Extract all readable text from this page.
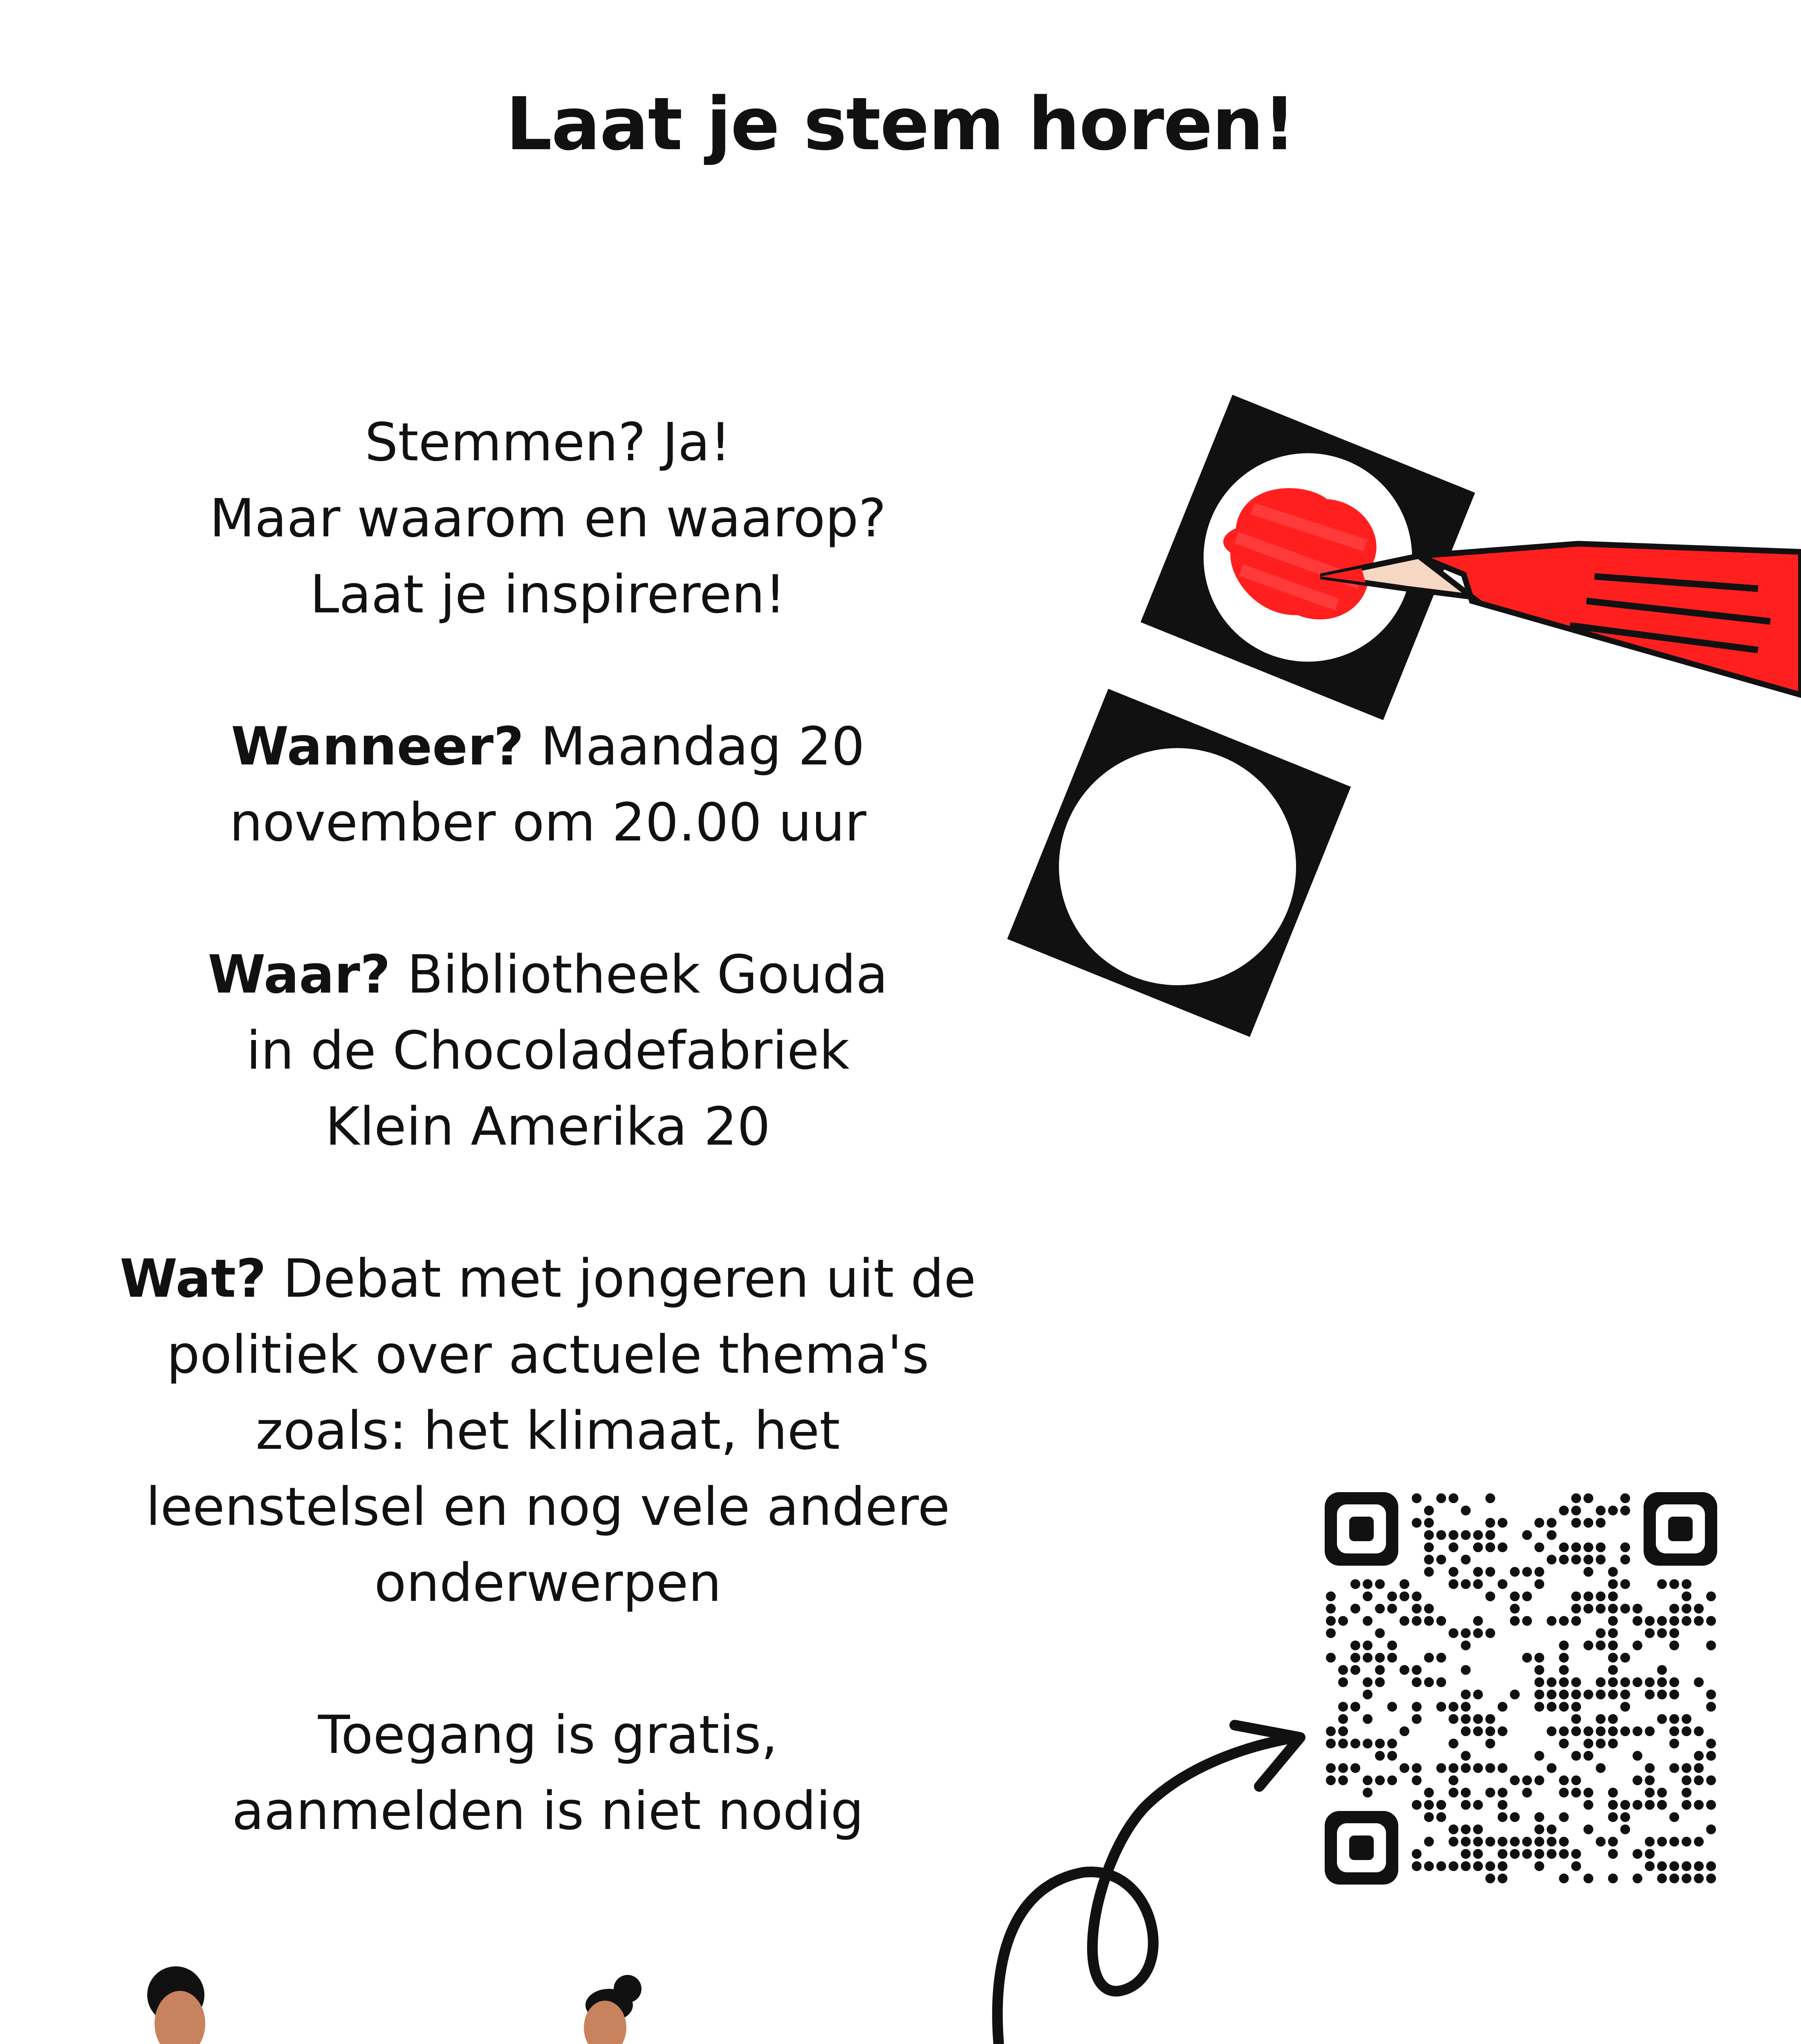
Laat je stem horen!
Stemmen? Ja!
Maar waarom en waarop?
Laat je inspireren!
Wanneer? Maandag 20
november om 20.00 uur
Waar? Bibliotheek Gouda
in de Chocoladefabriek
Klein Amerika 20
Wat? Debat met jongeren uit de
politiek over actuele thema's
zoals: het klimaat, het
leenstelsel en nog vele andere
onderwerpen
Toegang is gratis,
aanmelden is niet nodig
